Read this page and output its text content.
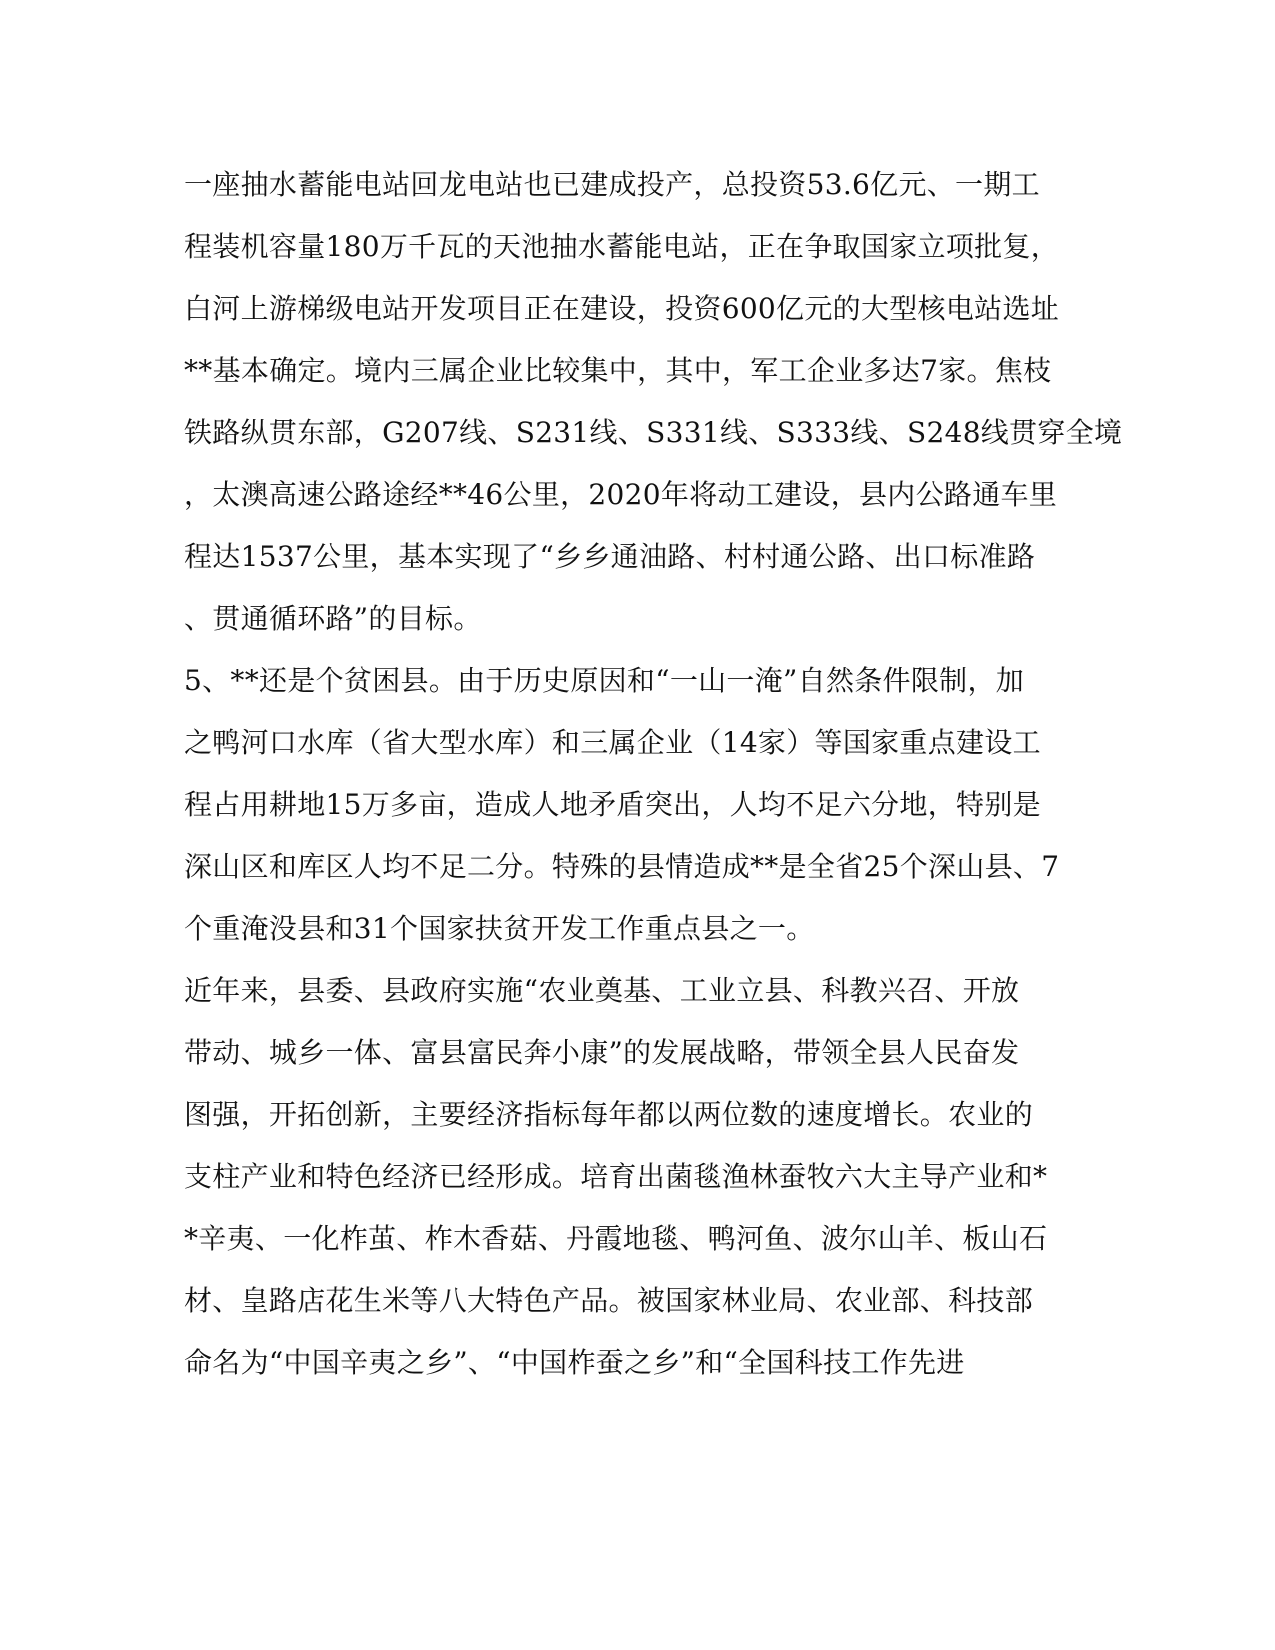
一座抽水蓄能电站回龙电站也已建成投产，总投资53.6亿元、一期工
程装机容量180万千瓦的天池抽水蓄能电站，正在争取国家立项批复，
白河上游梯级电站开发项目正在建设，投资600亿元的大型核电站选址
**基本确定。境内三属企业比较集中，其中，军工企业多达7家。焦枝
铁路纵贯东部，G207线、S231线、S331线、S333线、S248线贯穿全境
，太澳高速公路途经**46公里，2020年将动工建设，县内公路通车里
程达1537公里，基本实现了“乡乡通油路、村村通公路、出口标准路
、贯通循环路”的目标。
5、**还是个贫困县。由于历史原因和“一山一淹”自然条件限制，加
之鸭河口水库（省大型水库）和三属企业（14家）等国家重点建设工
程占用耕地15万多亩，造成人地矛盾突出，人均不足六分地，特别是
深山区和库区人均不足二分。特殊的县情造成**是全省25个深山县、7
个重淹没县和31个国家扶贫开发工作重点县之一。
近年来，县委、县政府实施“农业奠基、工业立县、科教兴召、开放
带动、城乡一体、富县富民奔小康”的发展战略，带领全县人民奋发
图强，开拓创新，主要经济指标每年都以两位数的速度增长。农业的
支柱产业和特色经济已经形成。培育出菌毯渔林蚕牧六大主导产业和*
*辛夷、一化柞茧、柞木香菇、丹霞地毯、鸭河鱼、波尔山羊、板山石
材、皇路店花生米等八大特色产品。被国家林业局、农业部、科技部
命名为“中国辛夷之乡”、“中国柞蚕之乡”和“全国科技工作先进
